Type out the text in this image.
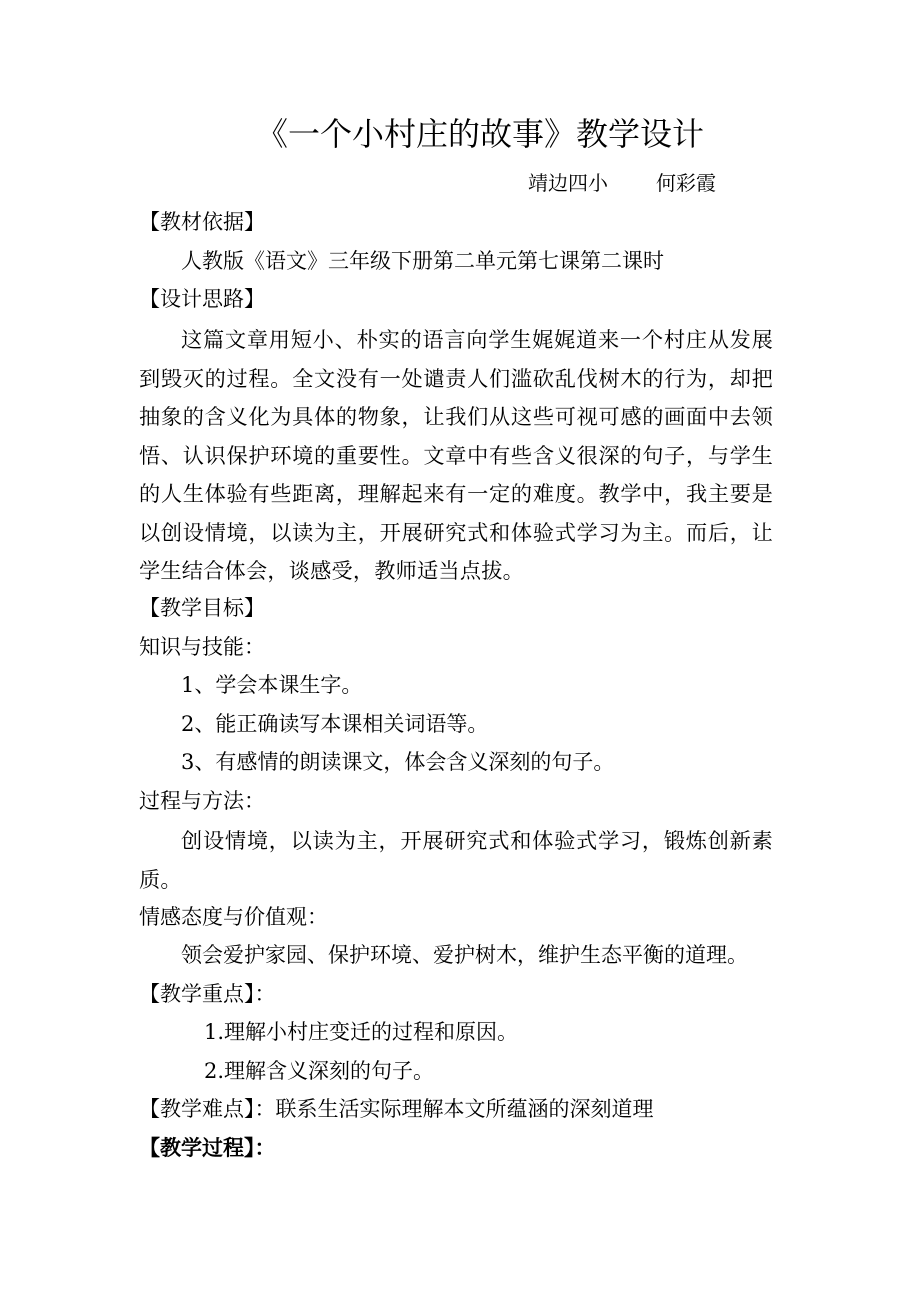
《一个小村庄的故事》教学设计
靖边四小 何彩霞
【教材依据】
人教版《语文》三年级下册第二单元第七课第二课时
【设计思路】
这篇文章用短小、朴实的语言向学生娓娓道来一个村庄从发展到毁灭的过程。全文没有一处谴责人们滥砍乱伐树木的行为，却把抽象的含义化为具体的物象，让我们从这些可视可感的画面中去领悟、认识保护环境的重要性。文章中有些含义很深的句子，与学生的人生体验有些距离，理解起来有一定的难度。教学中，我主要是以创设情境，以读为主，开展研究式和体验式学习为主。而后，让学生结合体会，谈感受，教师适当点拔。
【教学目标】
知识与技能：
1、学会本课生字。
2、能正确读写本课相关词语等。
3、有感情的朗读课文，体会含义深刻的句子。
过程与方法：
创设情境，以读为主，开展研究式和体验式学习，锻炼创新素质。
情感态度与价值观：
领会爱护家园、保护环境、爱护树木，维护生态平衡的道理。
【教学重点】：
1.理解小村庄变迁的过程和原因。
2.理解含义深刻的句子。
【教学难点】：联系生活实际理解本文所蕴涵的深刻道理
【教学过程】：
